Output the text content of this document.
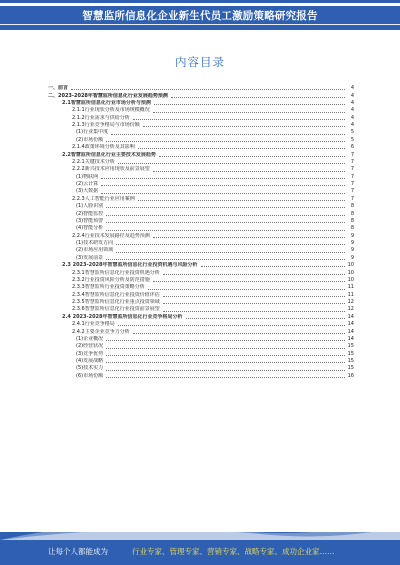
智慧监所信息化企业新生代员工激励策略研究报告
内容目录
一、前言	4
二、2023-2028年智慧监所信息化行业发展趋势预测	4
2.1智慧监所信息化行业市场分析与预测	4
2.1.1行业现状分析及市场规模概况	4
2.1.2行业需求与供给分析	4
2.1.3行业竞争格局与市场份额	4
(1)行业集中度	5
(2)市场份额	5
2.1.4政策环境分析及其影响	6
2.2智慧监所信息化行业主要技术发展趋势	7
2.2.1关键技术分析	7
2.2.2新兴技术应用现状及前景展望	7
(1)物联网	7
(2)云计算	7
(3)大数据	7
2.2.3人工智能行业应用案例	7
(1)人脸识别	8
(2)智能监控	8
(3)智能预警	8
(4)智能分析	8
2.2.4行业技术发展路径及趋势预测	9
(1)技术研发方向	9
(2)市场应用领域	9
(3)发展前景	9
2.3 2023-2028年智慧监所信息化行业投资机遇与风险分析	10
2.3.1智慧监所信息化行业投资机遇分析	10
2.3.2行业投资风险分析及防范措施	10
2.3.3智慧监所行业投资策略分析	11
2.3.4智慧监所信息化行业投资价值评估	11
2.3.5智慧监所信息化行业重点投资领域	12
2.3.6智慧监所信息化行业投资前景展望	12
2.4 2023-2028年智慧监所信息化行业竞争格局分析	14
2.4.1行业竞争格局	14
2.4.2主要企业竞争力分析	14
(1)企业概况	14
(2)经营状况	15
(3)竞争优势	15
(4)发展战略	15
(5)技术实力	15
(6)市场份额	16
让每个人都能成为	行业专家、管理专家、营销专家、战略专家、成功企业家……
